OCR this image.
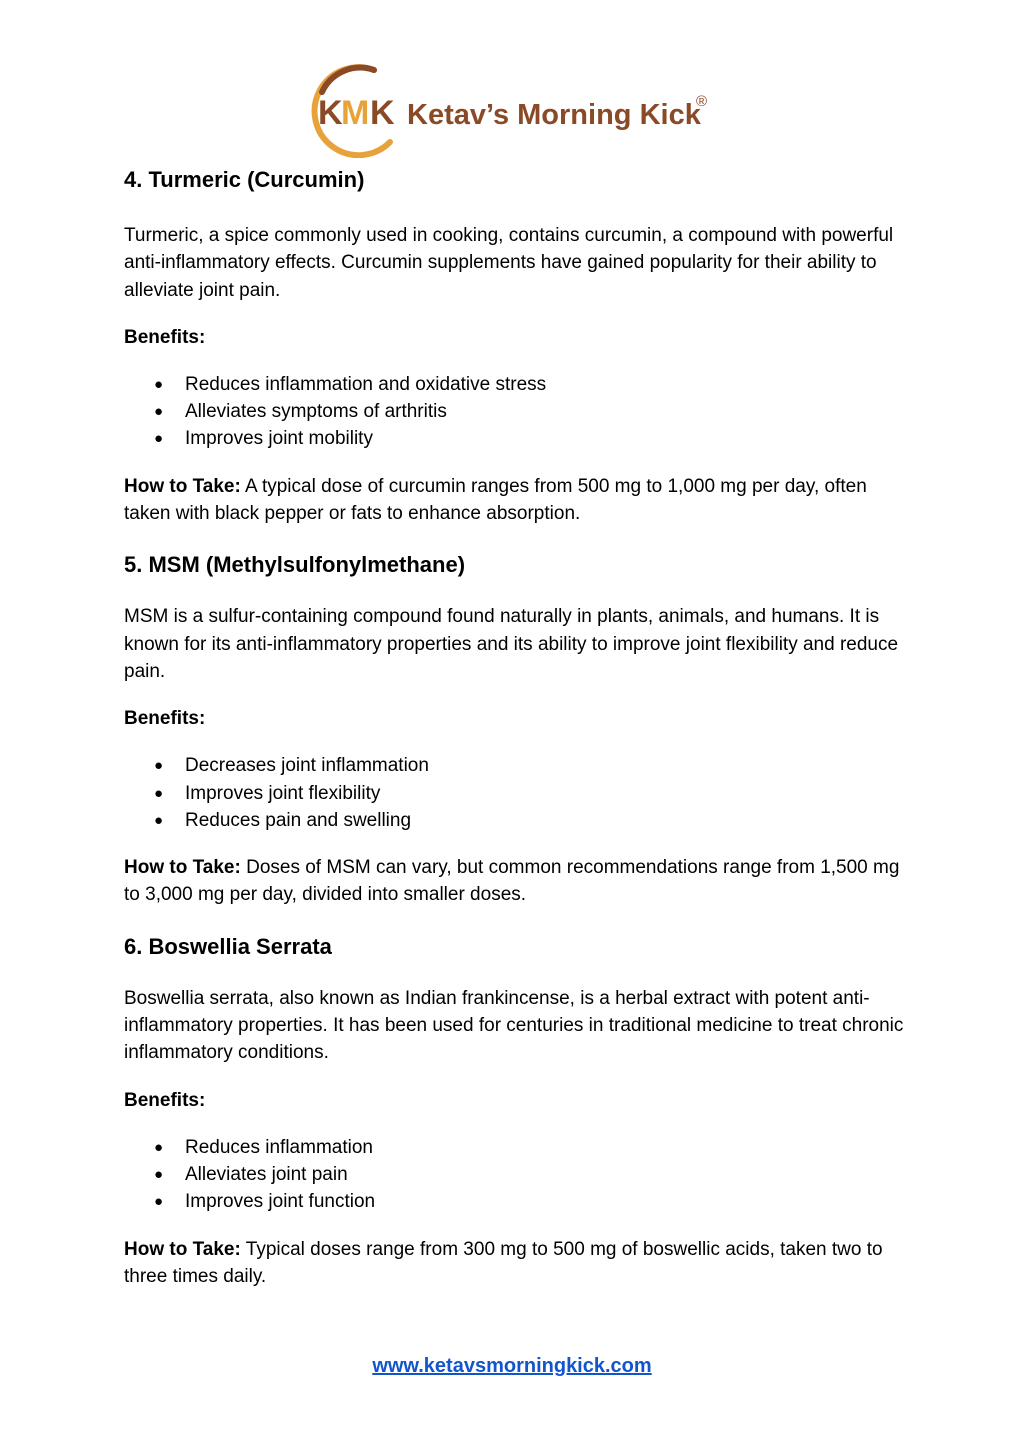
K
M K Ketav’s Morning Kick
®
4. Turmeric (Curcumin)

Turmeric, a spice commonly used in cooking, contains curcumin, a compound with powerful anti-inflammatory effects. Curcumin supplements have gained popularity for their ability to alleviate joint pain.

Benefits:

● Reduces inflammation and oxidative stress
● Alleviates symptoms of arthritis
● Improves joint mobility

How to Take: A typical dose of curcumin ranges from 500 mg to 1,000 mg per day, often taken with black pepper or fats to enhance absorption.

5. MSM (Methylsulfonylmethane)

MSM is a sulfur-containing compound found naturally in plants, animals, and humans. It is known for its anti-inflammatory properties and its ability to improve joint flexibility and reduce pain.

Benefits:

● Decreases joint inflammation
● Improves joint flexibility
● Reduces pain and swelling

How to Take: Doses of MSM can vary, but common recommendations range from 1,500 mg to 3,000 mg per day, divided into smaller doses.

6. Boswellia Serrata

Boswellia serrata, also known as Indian frankincense, is a herbal extract with potent anti-inflammatory properties. It has been used for centuries in traditional medicine to treat chronic inflammatory conditions.

Benefits:

● Reduces inflammation
● Alleviates joint pain
● Improves joint function

How to Take: Typical doses range from 300 mg to 500 mg of boswellic acids, taken two to three times daily.

www.ketavsmorningkick.com
